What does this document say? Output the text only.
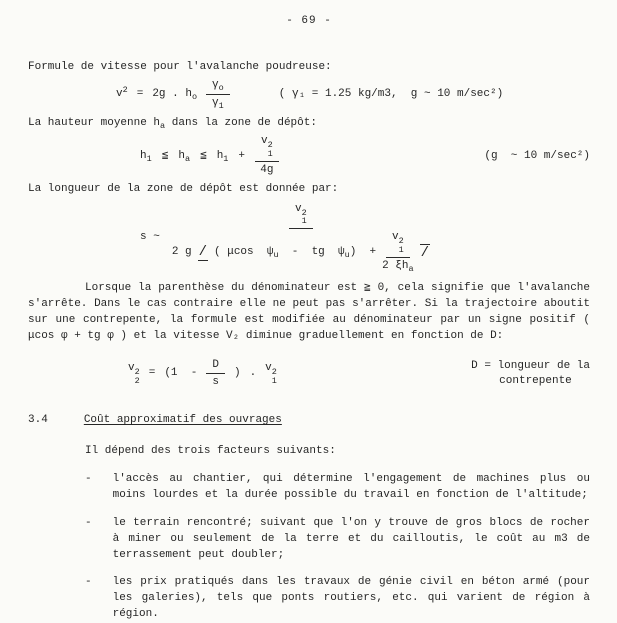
- 69 -

Formule de vitesse pour l'avalanche poudreuse:

$v^2 = 2g$ . $h_o \frac{\gamma_o}{\gamma_1}$	( γ₁ = 1.25 kg/m3,  g ~ 10 m/sec²)

La hauteur moyenne $h_a$ dans la zone de dépôt:

$h_1$ ≦ $h_a$ ≦ $h_1 + v$ 2
1
4g	(g  ~ 10 m/sec²)

La longueur de la zone de dépôt est donnée par:

s ~
v 2
1
2 g / ( μcos  $\psi_u$  -  tg  $\psi_u) + v$ 2
1
2 $\xi h_a$ /

Lorsque la parenthèse du dénominateur est ≧ 0, cela signifie que l'avalanche s'arrête. Dans le cas contraire elle ne peut pas s'arrêter. Si la trajectoire aboutit sur une contrepente, la formule est modifiée au dénominateur par un signe positif ( μcos φ + tg φ ) et la vitesse V₂ diminue graduellement en fonction de D:

v 2
2
= ($1 - \frac{D}{s}$ ) . v 2
1
D = longueur de la
contrepente
3.4	Coût approximatif des ouvrages

Il dépend des trois facteurs suivants:

- l'accès au chantier, qui détermine l'engagement de machines plus ou moins lourdes et la durée possible du travail en fonction de l'altitude;
- le terrain rencontré; suivant que l'on y trouve de gros blocs de rocher à miner ou seulement de la terre et du cailloutis, le coût au m3 de terrassement peut doubler;
- les prix pratiqués dans les travaux de génie civil en béton armé (pour les galeries), tels que ponts routiers, etc. qui varient de région à région.
